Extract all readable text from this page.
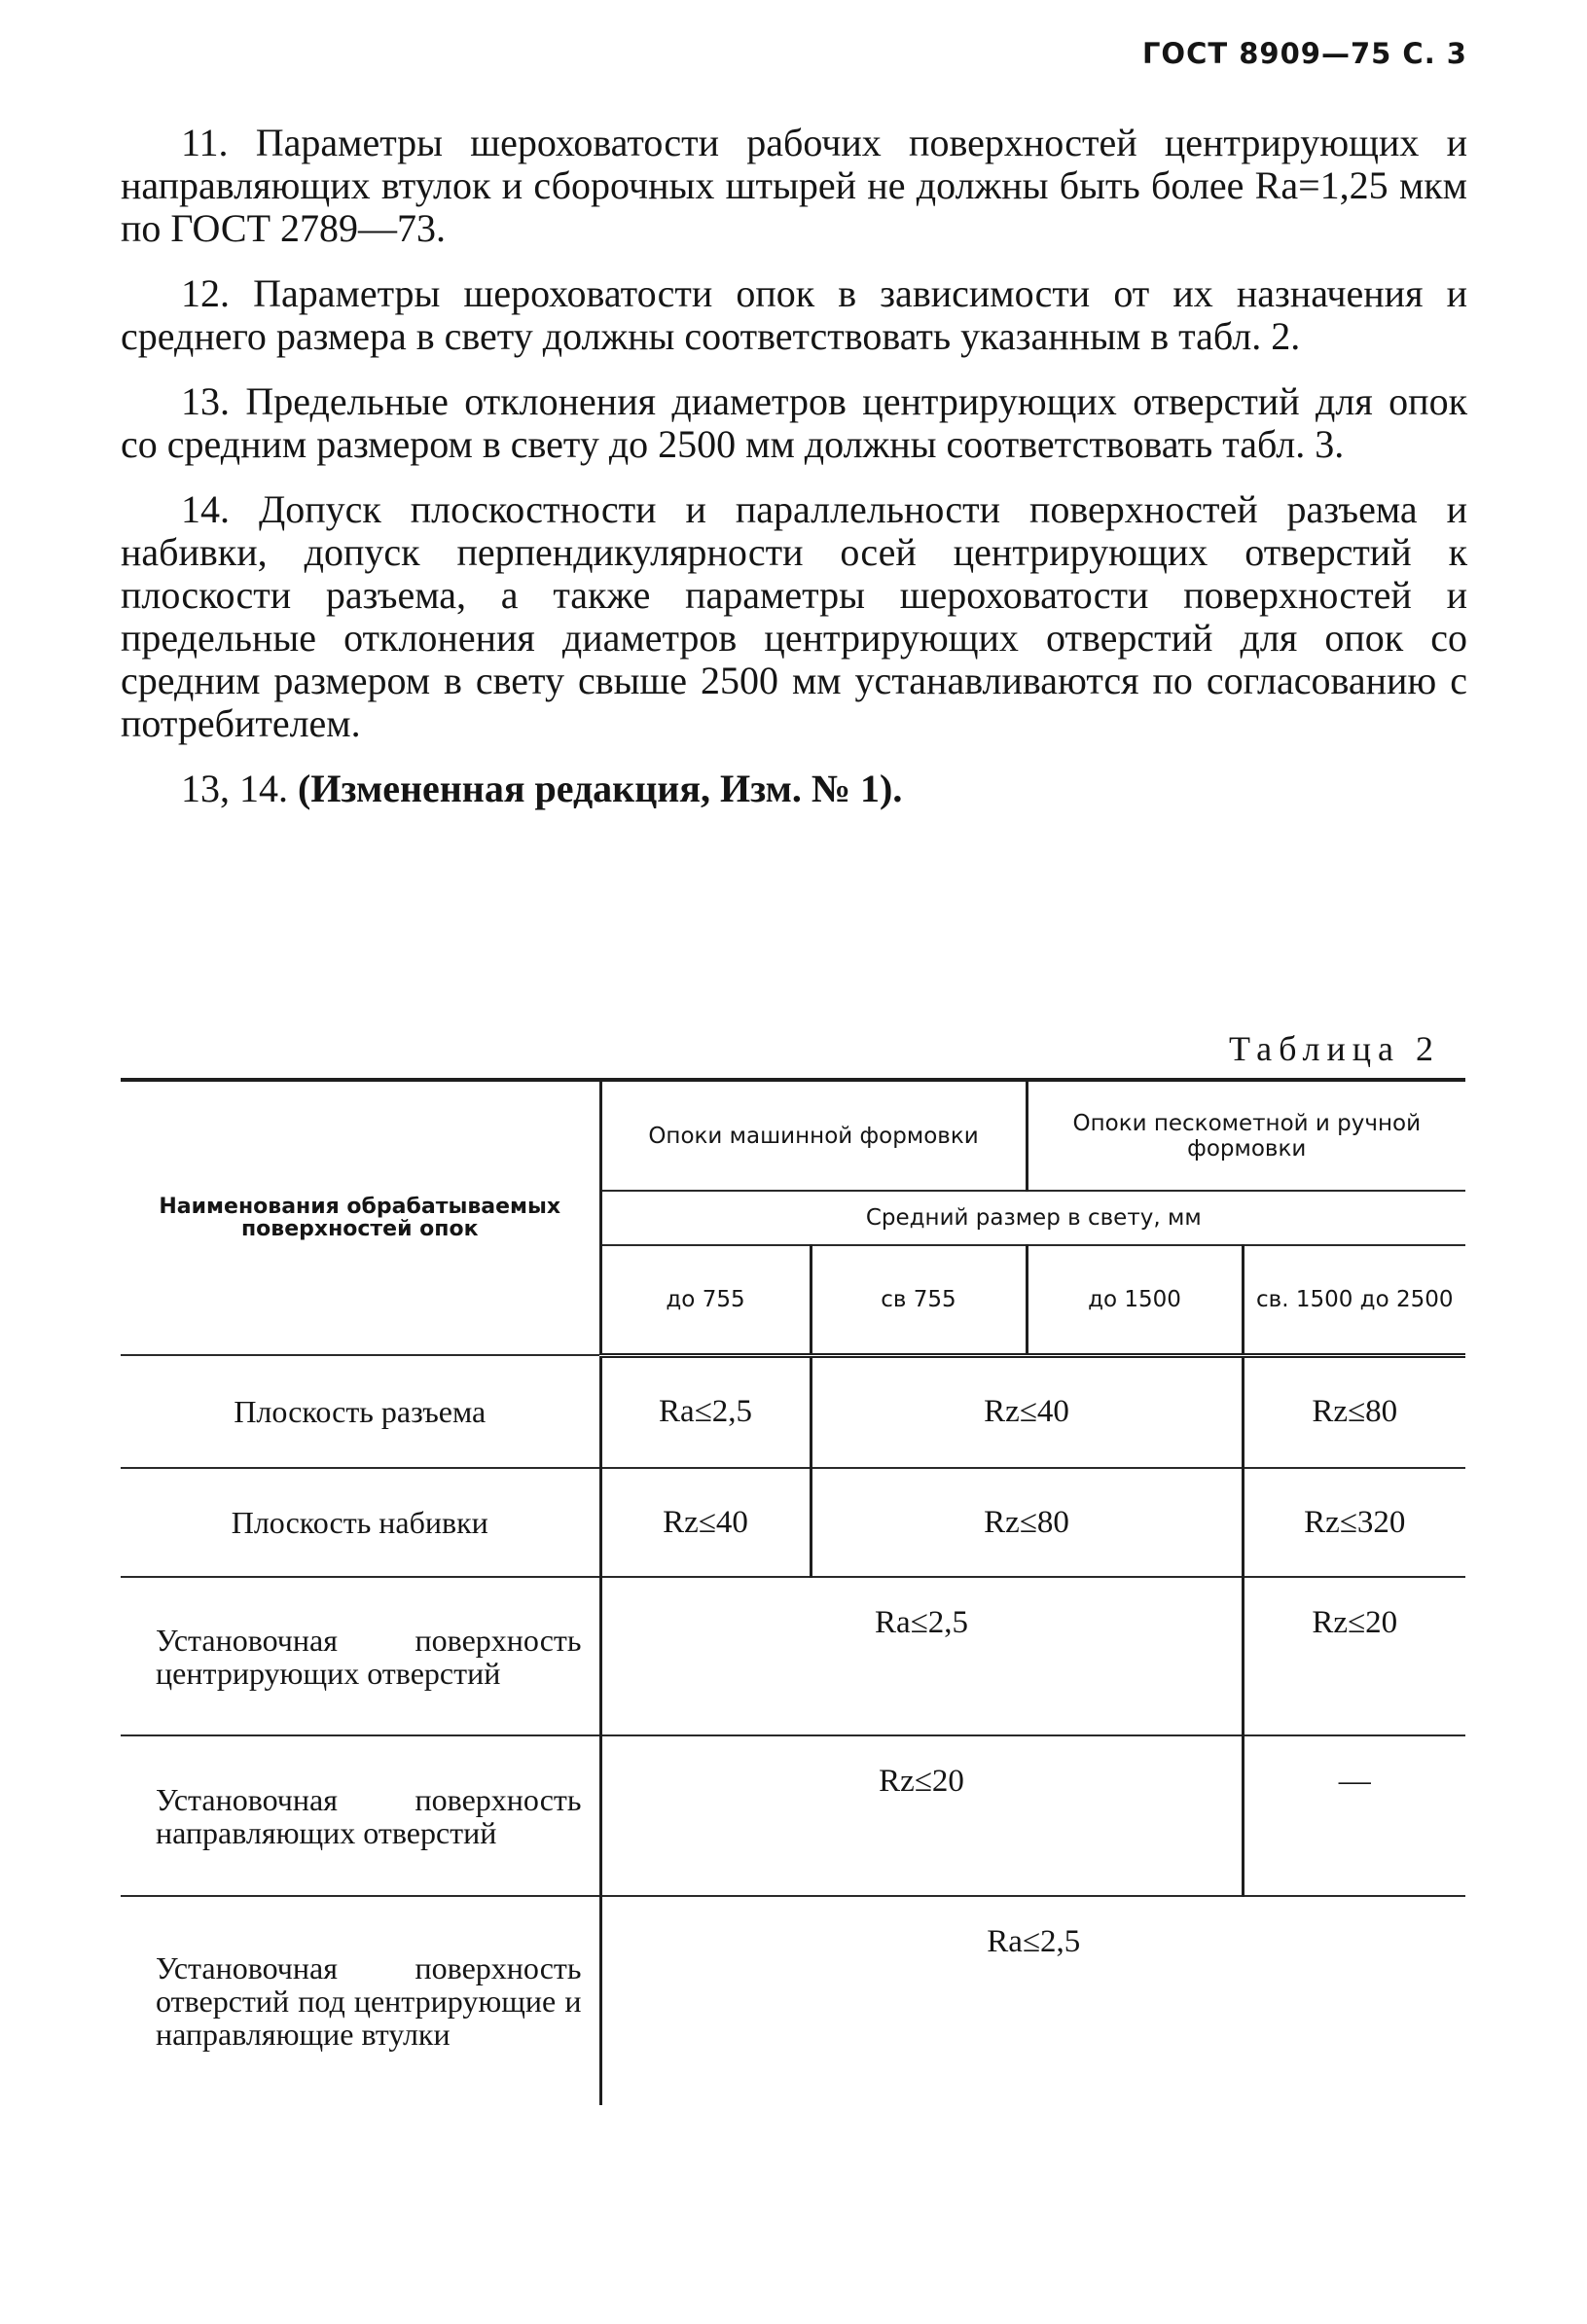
ГОСТ 8909—75 С. 3

11. Параметры шероховатости рабочих поверхностей центрирующих и направляющих втулок и сборочных штырей не должны быть более Ra=1,25 мкм по ГОСТ 2789—73.

12. Параметры шероховатости опок в зависимости от их назначения и среднего размера в свету должны соответствовать указанным в табл. 2.

13. Предельные отклонения диаметров центрирующих отверстий для опок со средним размером в свету до 2500 мм должны соответствовать табл. 3.

14. Допуск плоскостности и параллельности поверхностей разъема и набивки, допуск перпендикулярности осей центрирующих отверстий к плоскости разъема, а также параметры шероховатости поверхностей и предельные отклонения диаметров центрирующих отверстий для опок со средним размером в свету свыше 2500 мм устанавливаются по согласованию с потребителем.

13, 14. (Измененная редакция, Изм. № 1).

Таблица 2
Наименования обрабатываемых поверхностей опок	Опоки машинной формовки		Опоки пескометной и ручной формовки	
	Средний размер в свету, мм			
	до 755	св 755	до 1500	св. 1500 до 2500
Плоскость разъема	Ra≤2,5	Rz≤40		Rz≤80
Плоскость набивки	Rz≤40	Rz≤80		Rz≤320
Установочная поверхность центрирующих отверстий	Ra≤2,5			Rz≤20
Установочная поверхность направляющих отверстий	Rz≤20			—
Установочная поверхность отверстий под центрирующие и направляющие втулки	Ra≤2,5			
